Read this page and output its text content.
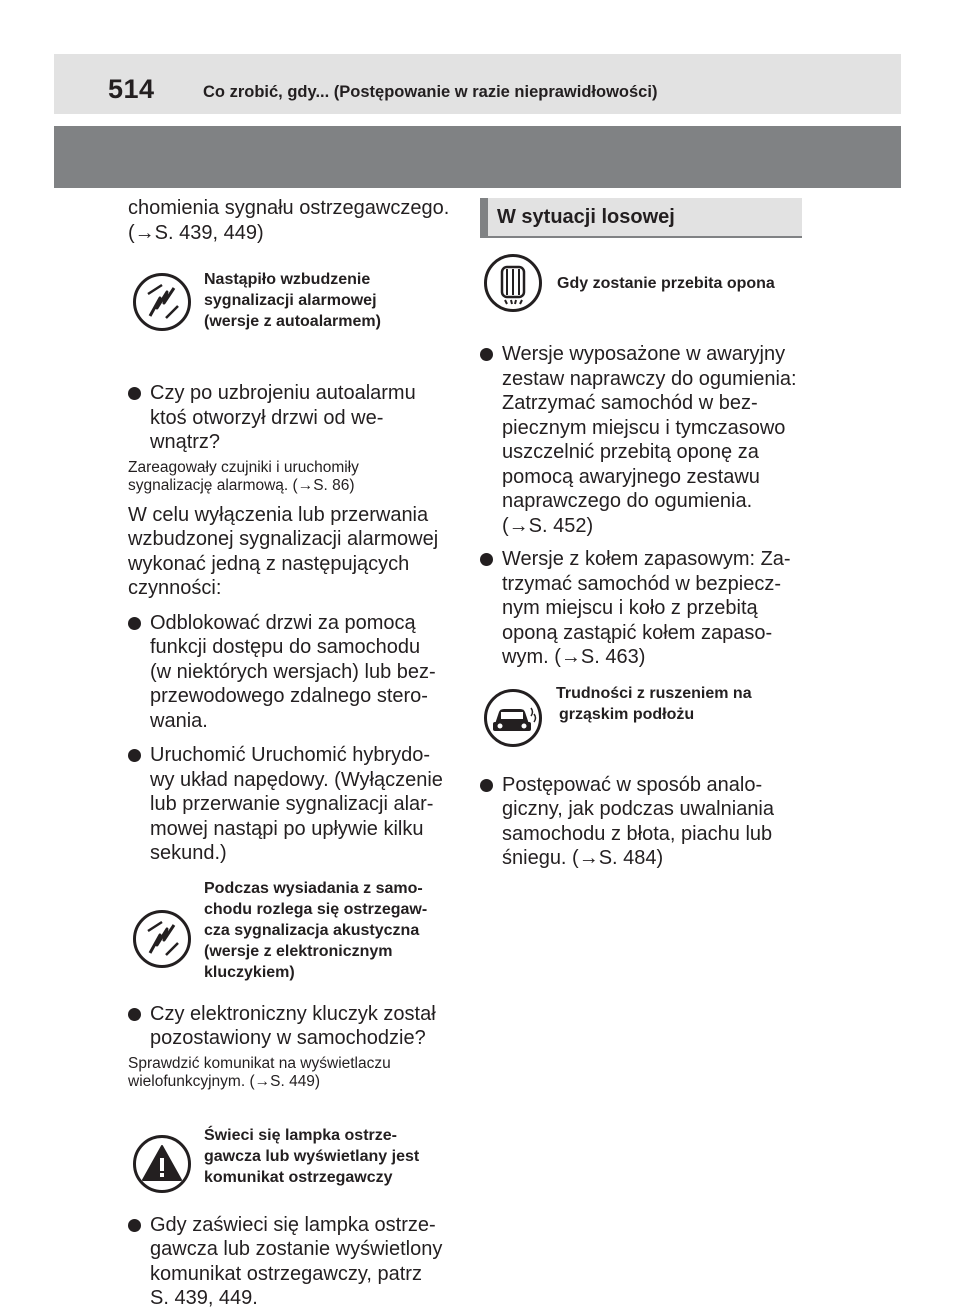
514	Co zrobić, gdy... (Postępowanie w razie nieprawidłowości)

chomienia sygnału ostrzegawczego.

(→S. 439, 449)

Nastąpiło wzbudzenie
sygnalizacji alarmowej
(wersje z autoalarmem)
Czy po uzbrojeniu autoalarmu
ktoś otworzył drzwi od we-
wnątrz?

Zareagowały czujniki i uruchomiły

sygnalizację alarmową. (→S. 86)

W celu wyłączenia lub przerwania

wzbudzonej sygnalizacji alarmowej

wykonać jedną z następujących

czynności:

Odblokować drzwi za pomocą
funkcji dostępu do samochodu
(w niektórych wersjach) lub bez-
przewodowego zdalnego stero-
wania.
Uruchomić Uruchomić hybrydo-
wy układ napędowy. (Wyłączenie
lub przerwanie sygnalizacji alar-
mowej nastąpi po upływie kilku
sekund.)
Podczas wysiadania z samo-
chodu rozlega się ostrzegaw-
cza sygnalizacja akustyczna
(wersje z elektronicznym
kluczykiem)
Czy elektroniczny kluczyk został
pozostawiony w samochodzie?

Sprawdzić komunikat na wyświetlaczu

wielofunkcyjnym. (→S. 449)

Świeci się lampka ostrze-
gawcza lub wyświetlany jest
komunikat ostrzegawczy
Gdy zaświeci się lampka ostrze-
gawcza lub zostanie wyświetlony
komunikat ostrzegawczy, patrz
S. 439, 449.
W sytuacji losowej
Gdy zostanie przebita opona
Wersje wyposażone w awaryjny
zestaw naprawczy do ogumienia:
Zatrzymać samochód w bez-
piecznym miejscu i tymczasowo
uszczelnić przebitą oponę za
pomocą awaryjnego zestawu
naprawczego do ogumienia.
(→S. 452)
Wersje z kołem zapasowym: Za-
trzymać samochód w bezpiecz-
nym miejscu i koło z przebitą
oponą zastąpić kołem zapaso-
wym. (→S. 463)
Trudności z ruszeniem na
grząskim podłożu
Postępować w sposób analo-
giczny, jak podczas uwalniania
samochodu z błota, piachu lub
śniegu. (→S. 484)
